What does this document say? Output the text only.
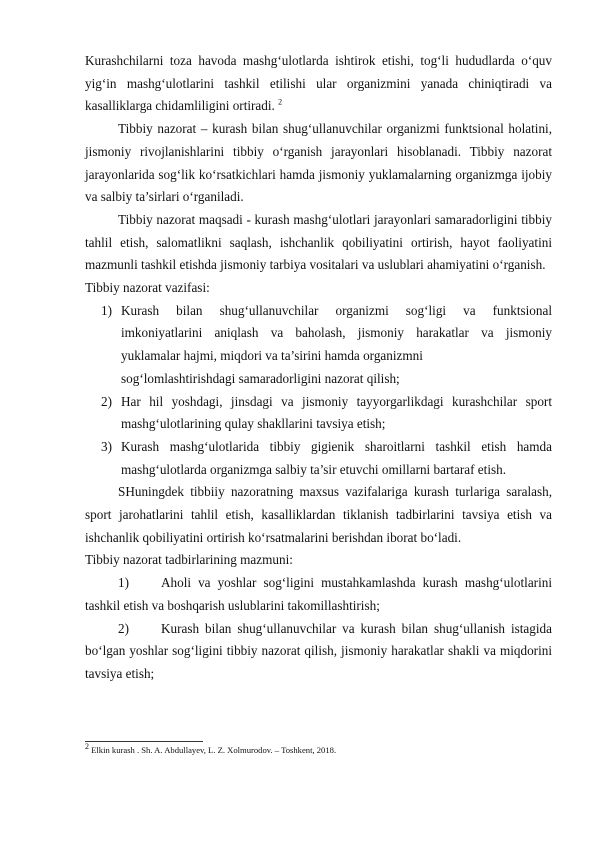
Kurashchilarni toza havoda mashg‘ulotlarda ishtirok etishi, tog‘li hududlarda o‘quv yig‘in mashg‘ulotlarini tashkil etilishi ular organizmini yanada chiniqtiradi va kasalliklarga chidamliligini ortiradi. $^2$

Tibbiy nazorat – kurash bilan shug‘ullanuvchilar organizmi funktsional holatini, jismoniy rivojlanishlarini tibbiy o‘rganish jarayonlari hisoblanadi. Tibbiy nazorat jarayonlarida sog‘lik ko‘rsatkichlari hamda jismoniy yuklamalarning organizmga ijobiy va salbiy ta’sirlari o‘rganiladi.

Tibbiy nazorat maqsadi - kurash mashg‘ulotlari jarayonlari samaradorligini tibbiy tahlil etish, salomatlikni saqlash, ishchanlik qobiliyatini ortirish, hayot faoliyatini mazmunli tashkil etishda jismoniy tarbiya vositalari va uslublari ahamiyatini o‘rganish.

Tibbiy nazorat vazifasi:

1) Kurash bilan shug‘ullanuvchilar organizmi sog‘ligi va funktsional imkoniyatlarini aniqlash va baholash, jismoniy harakatlar va jismoniy yuklamalar hajmi, miqdori va ta’sirini hamda organizmni
sog‘lomlashtirishdagi samaradorligini nazorat qilish;
2) Har hil yoshdagi, jinsdagi va jismoniy tayyorgarlikdagi kurashchilar sport mashg‘ulotlarining qulay shakllarini tavsiya etish;
3) Kurash mashg‘ulotlarida tibbiy gigienik sharoitlarni tashkil etish hamda mashg‘ulotlarda organizmga salbiy ta’sir etuvchi omillarni bartaraf etish.

SHuningdek tibbiiy nazoratning maxsus vazifalariga kurash turlariga saralash, sport jarohatlarini tahlil etish, kasalliklardan tiklanish tadbirlarini tavsiya etish va ishchanlik qobiliyatini ortirish ko‘rsatmalarini berishdan iborat bo‘ladi.

Tibbiy nazorat tadbirlarining mazmuni:

1) Aholi va yoshlar sog‘ligini mustahkamlashda kurash mashg‘ulotlarini tashkil etish va boshqarish uslublarini takomillashtirish;
2) Kurash bilan shug‘ullanuvchilar va kurash bilan shug‘ullanish istagida bo‘lgan yoshlar sog‘ligini tibbiy nazorat qilish, jismoniy harakatlar shakli va miqdorini tavsiya etish;
$^2$ Elkin kurash . Sh. A. Abdullayev, L. Z. Xolmurodov. – Toshkent, 2018.
